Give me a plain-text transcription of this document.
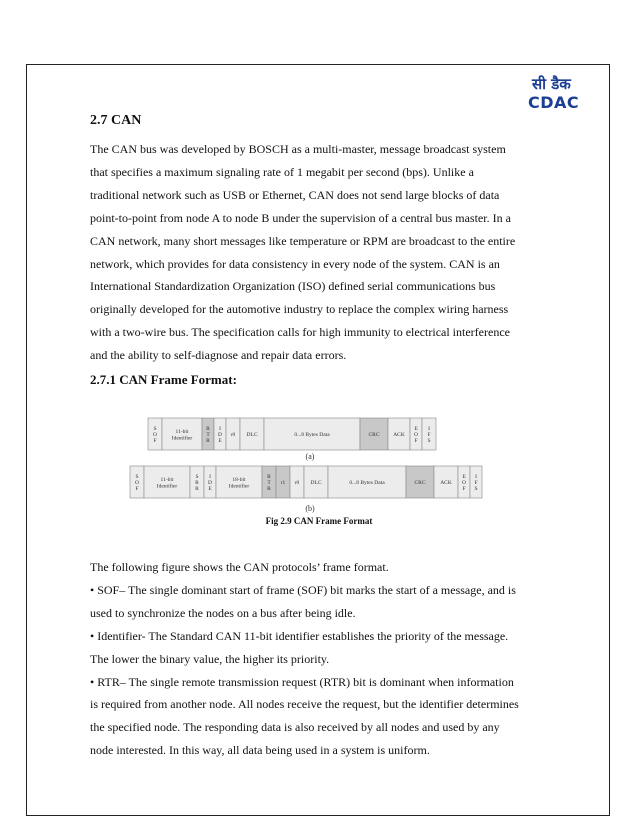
सी डैक
CDAC
2.7 CAN

The CAN bus was developed by BOSCH as a multi-master, message broadcast system
that specifies a maximum signaling rate of 1 megabit per second (bps). Unlike a
traditional network such as USB or Ethernet, CAN does not send large blocks of data
point-to-point from node A to node B under the supervision of a central bus master. In a
CAN network, many short messages like temperature or RPM are broadcast to the entire
network, which provides for data consistency in every node of the system. CAN is an
International Standardization Organization (ISO) defined serial communications bus
originally developed for the automotive industry to replace the complex wiring harness
with a two-wire bus. The specification calls for high immunity to electrical interference
and the ability to self-diagnose and repair data errors.

2.7.1 CAN Frame Format:
S O F
11-bit Identifier
R T R
I D E
r0 DLC	0...8 Bytes Data	CRC ACK
E O F
I F S
(a)
S O F
11-bit Identifier
S R R
I D E
18-bit Identifier
R T R
r1 r0 DLC	0...8 Bytes Data	CRC	ACK
E O F
I F S
(b)

Fig 2.9 CAN Frame Format

The following figure shows the CAN protocols’ frame format.
• SOF– The single dominant start of frame (SOF) bit marks the start of a message, and is
used to synchronize the nodes on a bus after being idle.
• Identifier- The Standard CAN 11-bit identifier establishes the priority of the message.
The lower the binary value, the higher its priority.
• RTR– The single remote transmission request (RTR) bit is dominant when information
is required from another node. All nodes receive the request, but the identifier determines
the specified node. The responding data is also received by all nodes and used by any
node interested. In this way, all data being used in a system is uniform.
